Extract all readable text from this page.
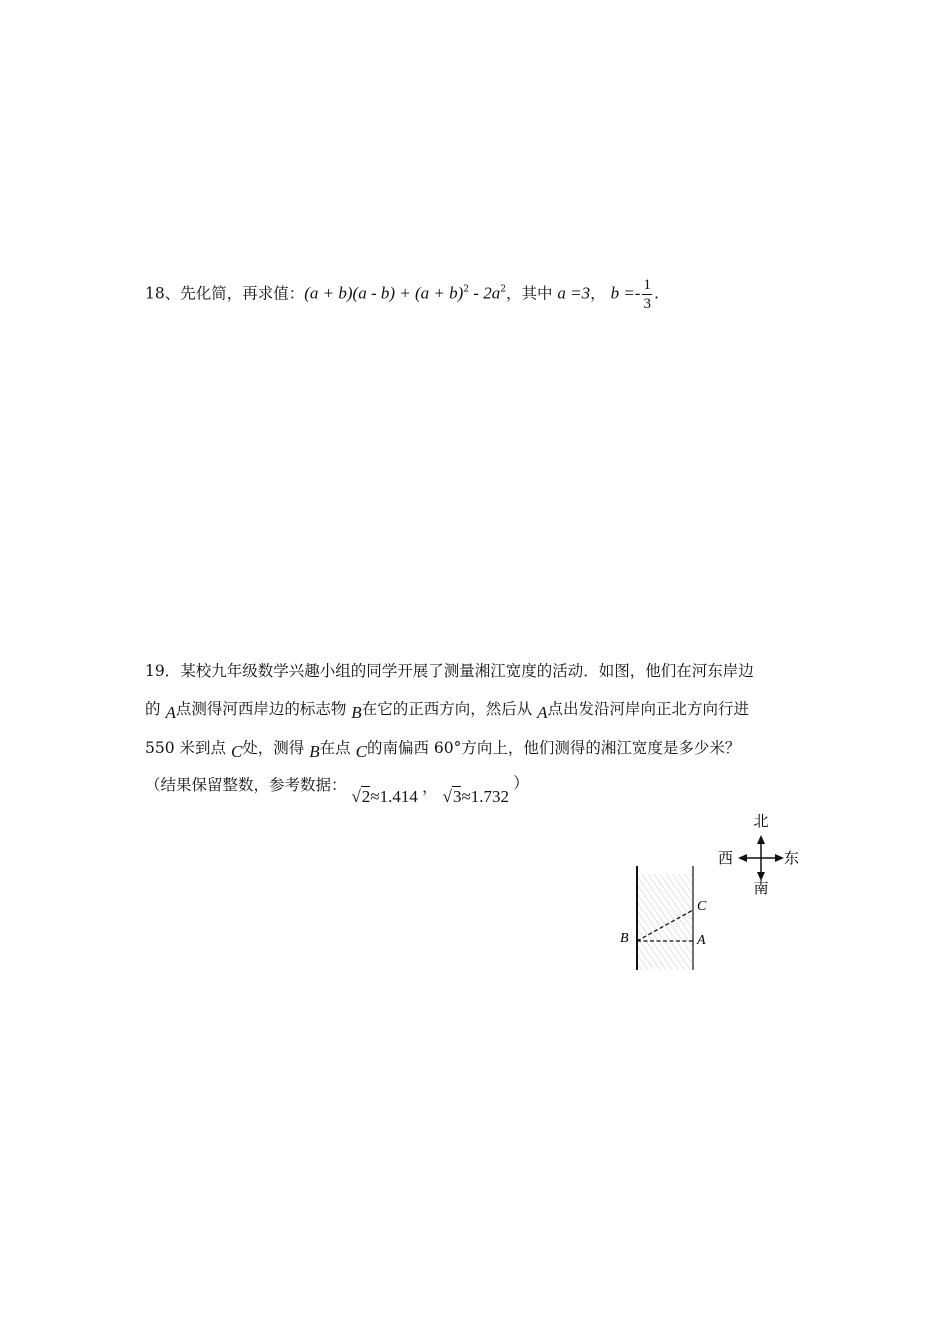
18、先化简，再求值：$(a + b)(a - b) + (a + b)^2 - 2a^2$，其中 a =3， $b =- \frac{1}{3}$ .
19．某校九年级数学兴趣小组的同学开展了测量湘江宽度的活动．如图，他们在河东岸边
的 A点测得河西岸边的标志物 B在它的正西方向，然后从 A点出发沿河岸向正北方向行进
550 米到点 C处，测得 B在点 C的南偏西 60°方向上，他们测得的湘江宽度是多少米？
（结果保留整数，参考数据： √2≈1.414 ， √3≈1.732 ）
北
南
西	东
B	A
C
